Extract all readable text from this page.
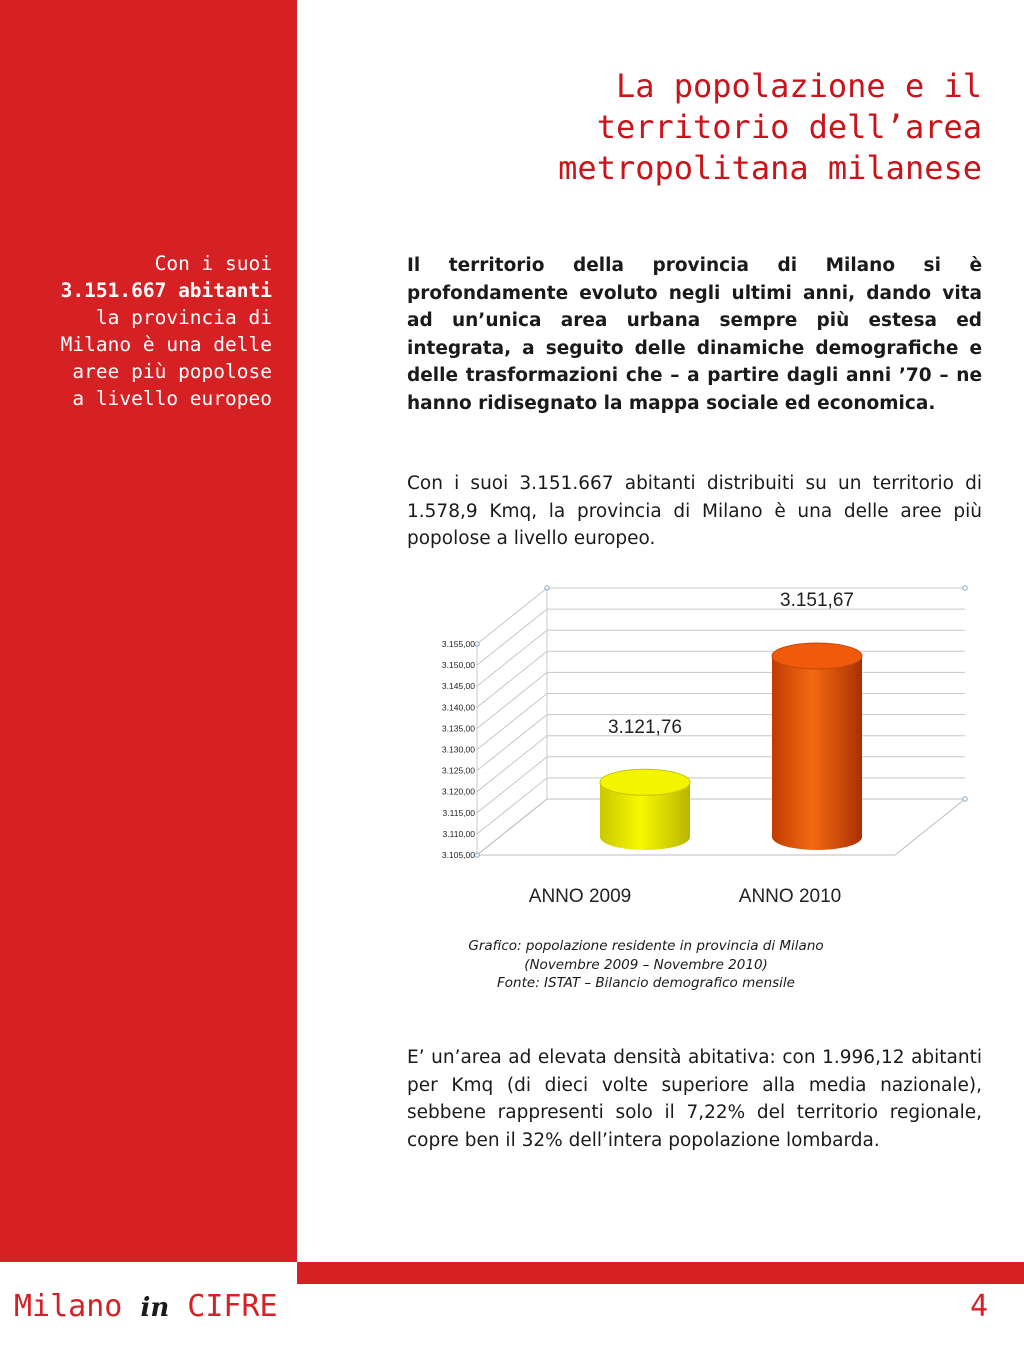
Con i suoi
3.151.667 abitanti
la provincia di
Milano è una delle
aree più popolose
a livello europeo
La popolazione e il
territorio dell’area
metropolitana milanese

Il territorio della provincia di Milano si è profondamente evoluto negli ultimi anni, dando vita ad un’unica area urbana sempre più estesa ed integrata, a seguito delle dinamiche demografiche e delle trasformazioni che – a partire dagli anni ’70 – ne hanno ridisegnato la mappa sociale ed economica.

Con i suoi 3.151.667 abitanti distribuiti su un territorio di 1.578,9 Kmq, la provincia di Milano è una delle aree più popolose a livello europeo.

3.105,00
3.110,00
3.115,00
3.120,00
3.125,00
3.130,00
3.135,00
3.140,00
3.145,00
3.150,00
3.155,00
3.121,76
ANNO 2009
3.151,67
ANNO 2010
Grafico: popolazione residente in provincia di Milano
(Novembre 2009 – Novembre 2010)
Fonte: ISTAT – Bilancio demografico mensile

E’ un’area ad elevata densità abitativa: con 1.996,12 abitanti per Kmq (di dieci volte superiore alla media nazionale), sebbene rappresenti solo il 7,22% del territorio regionale, copre ben il 32% dell’intera popolazione lombarda.

Milano in CIFRE	4
